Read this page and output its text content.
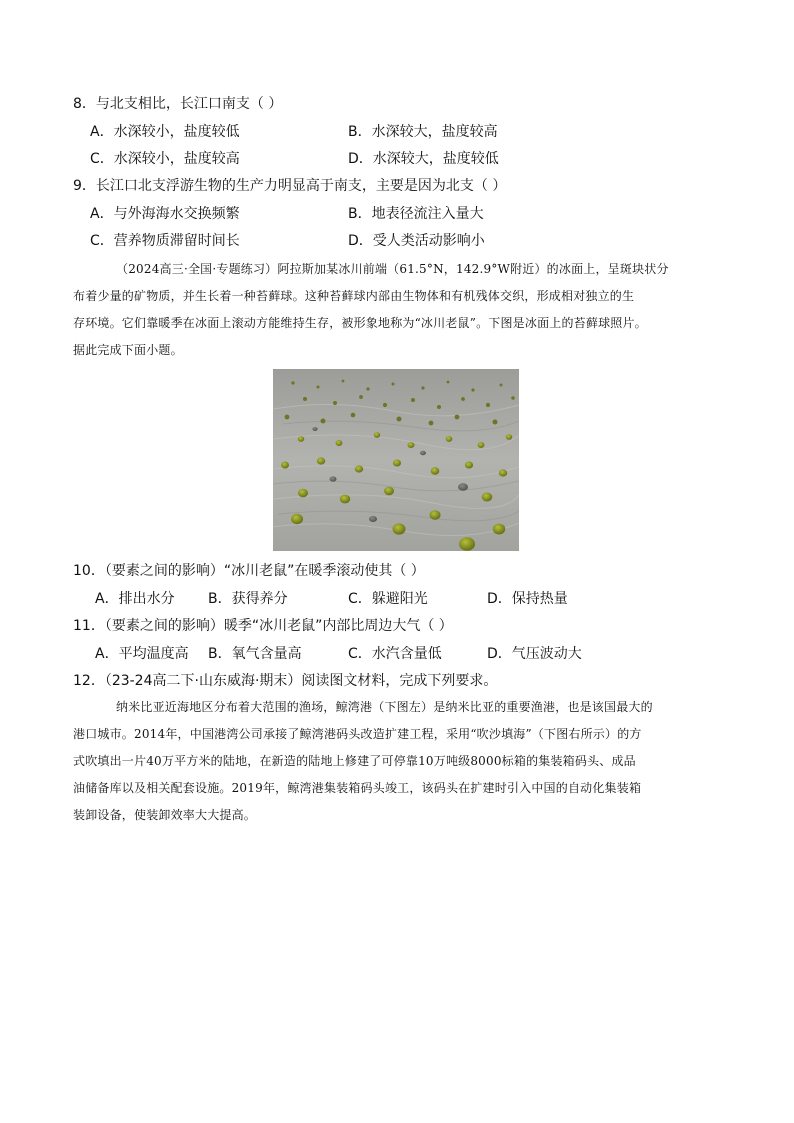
8．与北支相比，长江口南支（ ）
A．水深较小，盐度较低	B．水深较大，盐度较高
C．水深较小，盐度较高	D．水深较大，盐度较低
9．长江口北支浮游生物的生产力明显高于南支，主要是因为北支（ ）
A．与外海海水交换频繁	B．地表径流注入量大
C．营养物质滞留时间长	D．受人类活动影响小
（2024高三·全国·专题练习）阿拉斯加某冰川前端（61.5°N，142.9°W附近）的冰面上，呈斑块状分
布着少量的矿物质，并生长着一种苔藓球。这种苔藓球内部由生物体和有机残体交织，形成相对独立的生
存环境。它们靠暖季在冰面上滚动方能维持生存，被形象地称为“冰川老鼠”。下图是冰面上的苔藓球照片。
据此完成下面小题。
10．（要素之间的影响）“冰川老鼠”在暖季滚动使其（ ）
A．排出水分 B．获得养分	C．躲避阳光	D．保持热量
11．（要素之间的影响）暖季“冰川老鼠”内部比周边大气（ ）
A．平均温度高 B．氧气含量高	C．水汽含量低	D．气压波动大
12．（23-24高二下·山东威海·期末）阅读图文材料，完成下列要求。
纳米比亚近海地区分布着大范围的渔场，鲸湾港（下图左）是纳米比亚的重要渔港，也是该国最大的
港口城市。2014年，中国港湾公司承接了鲸湾港码头改造扩建工程，采用“吹沙填海”（下图右所示）的方
式吹填出一片40万平方米的陆地，在新造的陆地上修建了可停靠10万吨级8000标箱的集装箱码头、成品
油储备库以及相关配套设施。2019年，鲸湾港集装箱码头竣工，该码头在扩建时引入中国的自动化集装箱
装卸设备，使装卸效率大大提高。
